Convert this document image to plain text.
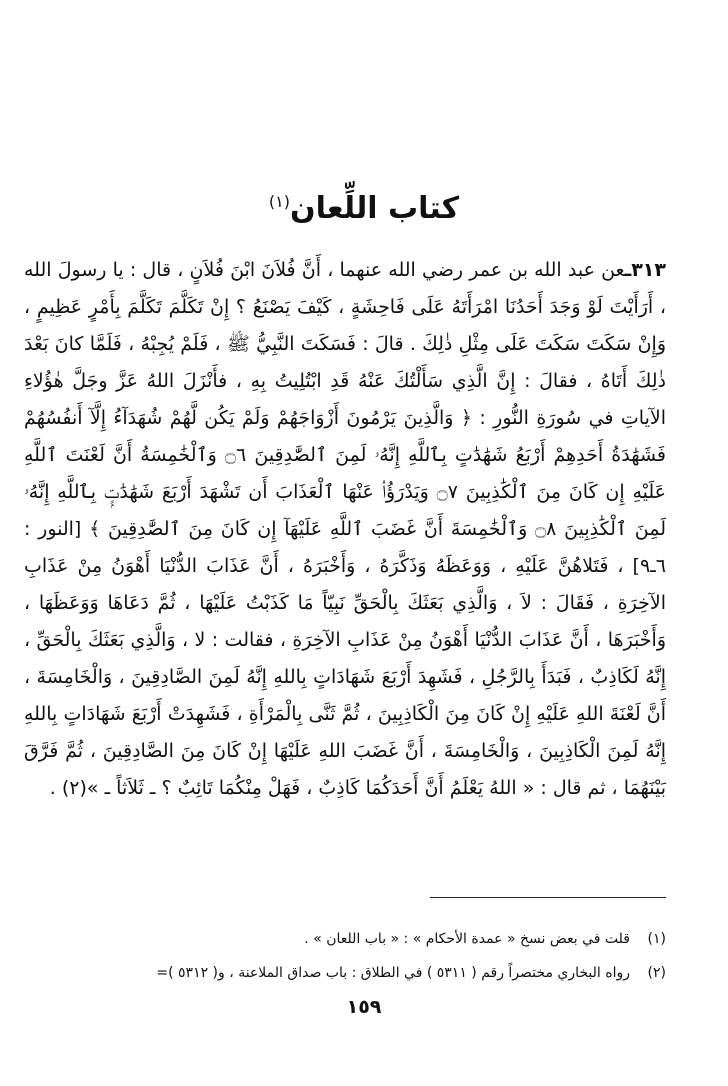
كتاب اللِّعان$^{(١)}$

٣١٣ـعن عبد الله بن عمر رضي الله عنهما ، أَنَّ فُلاَنَ ابْنَ فُلاَنٍ ، قال : يا رسولَ الله ، أَرَأَيْتَ لَوْ وَجَدَ أَحَدُنَا امْرَأَتَهُ عَلَى فَاحِشَةٍ ، كَيْفَ يَصْنَعُ ؟ إِنْ تَكَلَّمَ تَكَلَّمَ بِأَمْرٍ عَظِيمٍ ، وَإِنْ سَكَتَ سَكَتَ عَلَى مِثْلِ ذٰلِكَ . قالَ : فَسَكَتَ النَّبِيُّ ﷺ ، فَلَمْ يُجِبْهُ ، فَلَمَّا كانَ بَعْدَ ذٰلِكَ أَتَاهُ ، فقالَ : إِنَّ الَّذِي سَأَلْتُكَ عَنْهُ قَدِ ابْتُلِيتُ بِهِ ، فأَنْزَلَ اللهُ عَزَّ وجَلَّ هٰؤُلاءِ الآياتِ في سُورَةِ النُّورِ : ﴿ وَالَّذِينَ يَرْمُونَ أَزْوَاجَهُمْ وَلَمْ يَكُن لَّهُمْ شُهَدَآءُ إِلَّآ أَنفُسُهُمْ فَشَهَٰدَةُ أَحَدِهِمْ أَرْبَعُ شَهَٰدَٰتٍ بِٱللَّهِ إِنَّهُۥ لَمِنَ ٱلصَّٰدِقِينَ ۝٦ وَٱلْخَٰمِسَةُ أَنَّ لَعْنَتَ ٱللَّهِ عَلَيْهِ إِن كَانَ مِنَ ٱلْكَٰذِبِينَ ۝٧ وَيَدْرَؤُا۟ عَنْهَا ٱلْعَذَابَ أَن تَشْهَدَ أَرْبَعَ شَهَٰدَٰتٍۭ بِٱللَّهِ إِنَّهُۥ لَمِنَ ٱلْكَٰذِبِينَ ۝٨ وَٱلْخَٰمِسَةَ أَنَّ غَضَبَ ٱللَّهِ عَلَيْهَآ إِن كَانَ مِنَ ٱلصَّٰدِقِينَ ﴾ [النور : ٦ـ٩] ، فَتَلاهُنَّ عَلَيْهِ ، وَوَعَظَهُ وَذَكَّرَهُ ، وَأَخْبَرَهُ ، أَنَّ عَذَابَ الدُّنْيَا أَهْوَنُ مِنْ عَذَابِ الآخِرَةِ ، فَقَالَ : لاَ ، وَالَّذِي بَعَثَكَ بِالْحَقِّ نَبِيّاً مَا كَذَبْتُ عَلَيْهَا ، ثُمَّ دَعَاهَا وَوَعَظَهَا ، وَأَخْبَرَهَا ، أَنَّ عَذَابَ الدُّنْيَا أَهْوَنُ مِنْ عَذَابِ الآخِرَةِ ، فقالت : لا ، وَالَّذِي بَعَثَكَ بِالْحَقِّ ، إِنَّهُ لَكَاذِبٌ ، فَبَدَأَ بِالرَّجُلِ ، فَشَهِدَ أَرْبَعَ شَهَادَاتٍ بِاللهِ إِنَّهُ لَمِنَ الصَّادِقِينَ ، وَالْخَامِسَةَ ، أَنَّ لَعْنَةَ اللهِ عَلَيْهِ إِنْ كَانَ مِنَ الْكَاذِبِينَ ، ثُمَّ ثَنَّى بِالْمَرْأَةِ ، فَشَهِدَتْ أَرْبَعَ شَهَادَاتٍ بِاللهِ إِنَّهُ لَمِنَ الْكَاذِبِينَ ، وَالْخَامِسَةَ ، أَنَّ غَضَبَ اللهِ عَلَيْهَا إِنْ كَانَ مِنَ الصَّادِقِينَ ، ثُمَّ فَرَّقَ بَيْنَهُمَا ، ثم قال : « اللهُ يَعْلَمُ أَنَّ أَحَدَكُمَا كَاذِبٌ ، فَهَلْ مِنْكُمَا تَائِبٌ ؟ ـ ثَلاَثاً ـ »(٢) .

(١)
قلت في بعض نسخ « عمدة الأحكام » : « باب اللعان » .
(٢)
رواه البخاري مختصراً رقم ( ٥٣١١ ) في الطلاق : باب صداق الملاعنة ، و( ٥٣١٢ )=
١٥٩
